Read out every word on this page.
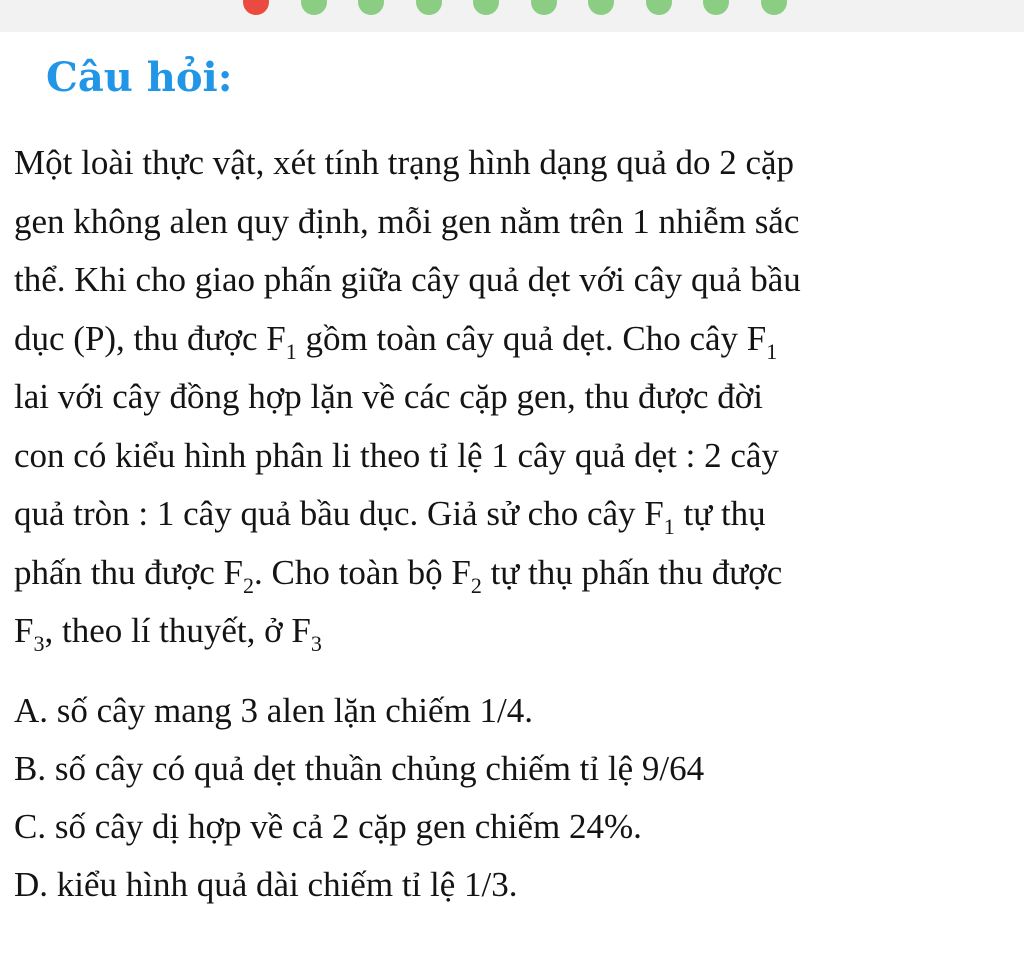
Câu hỏi:
Một loài thực vật, xét tính trạng hình dạng quả do 2 cặp
gen không alen quy định, mỗi gen nằm trên 1 nhiễm sắc
thể. Khi cho giao phấn giữa cây quả dẹt với cây quả bầu
dục (P), thu được $F_1$ gồm toàn cây quả dẹt. Cho cây $F_1$
lai với cây đồng hợp lặn về các cặp gen, thu được đời
con có kiểu hình phân li theo tỉ lệ 1 cây quả dẹt : 2 cây
quả tròn : 1 cây quả bầu dục. Giả sử cho cây $F_1$ tự thụ
phấn thu được $F_2$. Cho toàn bộ $F_2$ tự thụ phấn thu được
$F_3$, theo lí thuyết, ở $F_3$
A. số cây mang 3 alen lặn chiếm 1/4.
B. số cây có quả dẹt thuần chủng chiếm tỉ lệ 9/64
C. số cây dị hợp về cả 2 cặp gen chiếm 24%.
D. kiểu hình quả dài chiếm tỉ lệ 1/3.
